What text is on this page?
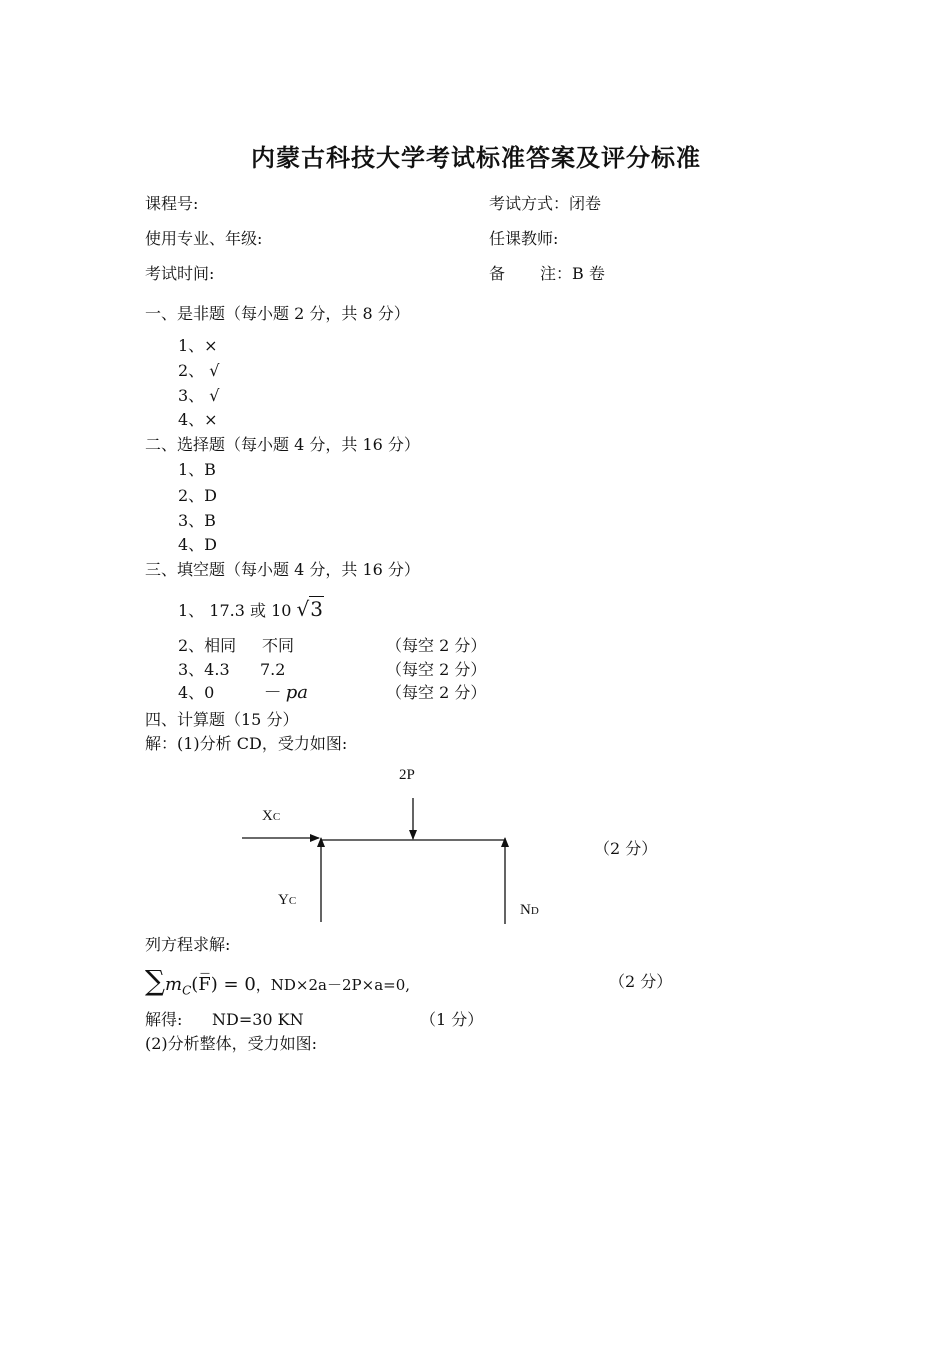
内蒙古科技大学考试标准答案及评分标准
课程号:	考试方式：闭卷
使用专业、年级:	任课教师:
考试时间:	备 注：B 卷
一、是非题（每小题 2 分，共 8 分）
1、×
2、 √
3、 √
4、×
二、选择题（每小题 4 分，共 16 分）
1、B
2、D
3、B
4、D
三、填空题（每小题 4 分，共 16 分）
1、 17.3 或 10 √3
2、相同 不同	（每空 2 分）
3、4.3 7.2	（每空 2 分）
4、0	－ pa	（每空 2 分）
四、计算题（15 分）
解：(1)分析 CD，受力如图:
2P
XC
YC
ND
（2 分）
列方程求解:
$\sum m_C(F̅) = 0$，ND×2a－2P×a=0,	（2 分）
解得: ND=30 KN	（1 分）
(2)分析整体，受力如图:
